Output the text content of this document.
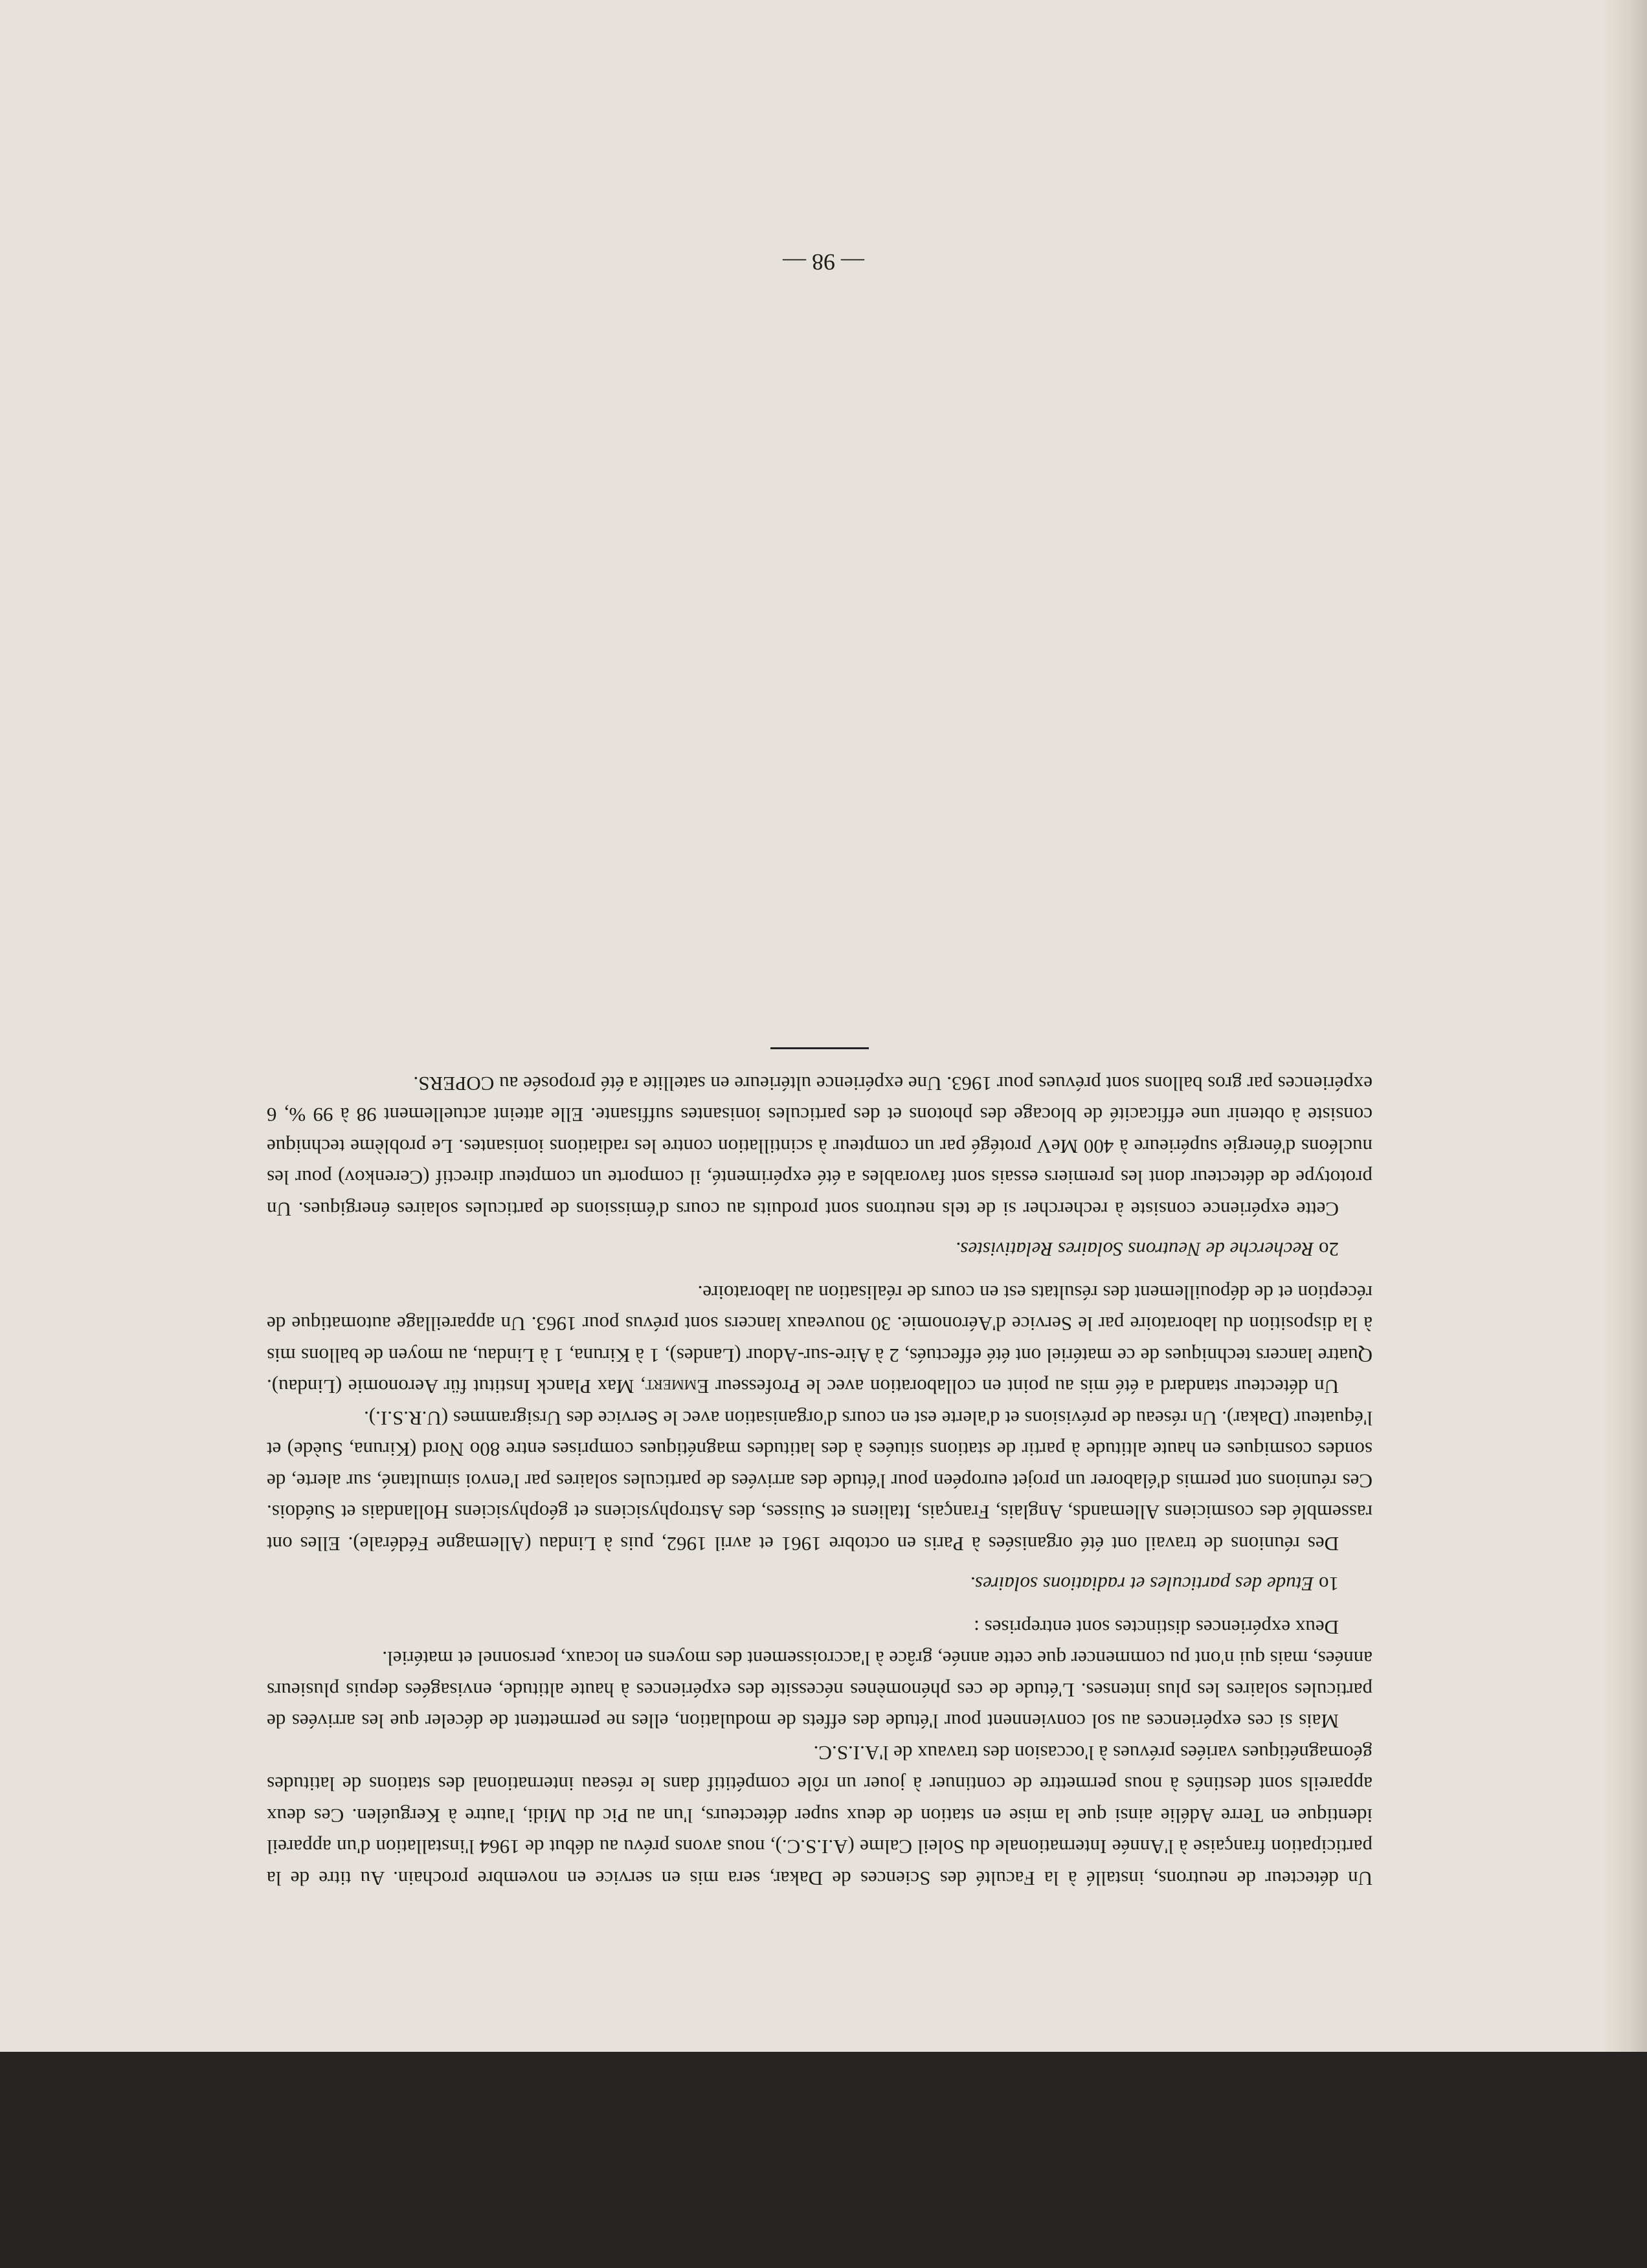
— 98 —

Un détecteur de neutrons, installé à la Faculté des Sciences de Dakar, sera mis en service en novembre prochain. Au titre de la participation française à l'Année Internationale du Soleil Calme (A.I.S.C.), nous avons prévu au début de 1964 l'installation d'un appareil identique en Terre Adélie ainsi que la mise en station de deux super détecteurs, l'un au Pic du Midi, l'autre à Kerguélen. Ces deux appareils sont destinés à nous permettre de continuer à jouer un rôle compétitif dans le réseau international des stations de latitudes géomagnétiques variées prévues à l'occasion des travaux de l'A.I.S.C.

Mais si ces expériences au sol conviennent pour l'étude des effets de modulation, elles ne permettent de déceler que les arrivées de particules solaires les plus intenses. L'étude de ces phénomènes nécessite des expériences à haute altitude, envisagées depuis plusieurs années, mais qui n'ont pu commencer que cette année, grâce à l'accroissement des moyens en locaux, personnel et matériel.

Deux expériences distinctes sont entreprises :

1o Etude des particules et radiations solaires.

Des réunions de travail ont été organisées à Paris en octobre 1961 et avril 1962, puis à Lindau (Allemagne Fédérale). Elles ont rassemblé des cosmiciens Allemands, Anglais, Français, Italiens et Suisses, des Astrophysiciens et géophysiciens Hollandais et Suédois. Ces réunions ont permis d'élaborer un projet européen pour l'étude des arrivées de particules solaires par l'envoi simultané, sur alerte, de sondes cosmiques en haute altitude à partir de stations situées à des latitudes magnétiques comprises entre 80o Nord (Kiruna, Suède) et l'équateur (Dakar). Un réseau de prévisions et d'alerte est en cours d'organisation avec le Service des Ursigrammes (U.R.S.I.).

Un détecteur standard a été mis au point en collaboration avec le Professeur Emmert, Max Planck Institut für Aeronomie (Lindau). Quatre lancers techniques de ce matériel ont été effectués, 2 à Aire-sur-Adour (Landes), 1 à Kiruna, 1 à Lindau, au moyen de ballons mis à la disposition du laboratoire par le Service d'Aéronomie. 30 nouveaux lancers sont prévus pour 1963. Un appareillage automatique de réception et de dépouillement des résultats est en cours de réalisation au laboratoire.

2o Recherche de Neutrons Solaires Relativistes.

Cette expérience consiste à rechercher si de tels neutrons sont produits au cours d'émissions de particules solaires énergiques. Un prototype de détecteur dont les premiers essais sont favorables a été expérimenté, il comporte un compteur directif (Cerenkov) pour les nucléons d'énergie supérieure à 400 MeV protégé par un compteur à scintillation contre les radiations ionisantes. Le problème technique consiste à obtenir une efficacité de blocage des photons et des particules ionisantes suffisante. Elle atteint actuellement 98 à 99 %, 6 expériences par gros ballons sont prévues pour 1963. Une expérience ultérieure en satellite a été proposée au COPERS.
